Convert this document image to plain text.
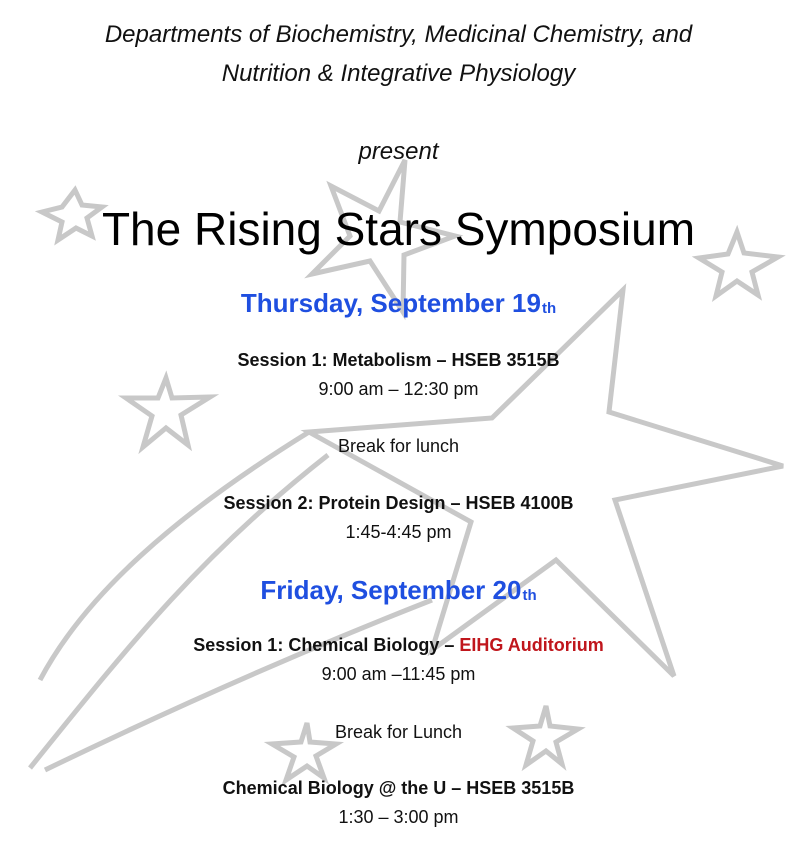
Departments of Biochemistry, Medicinal Chemistry, and
Nutrition & Integrative Physiology
present
The Rising Stars Symposium
Thursday, September 19th
Session 1: Metabolism – HSEB 3515B
9:00 am – 12:30 pm
Break for lunch
Session 2: Protein Design – HSEB 4100B
1:45-4:45 pm
Friday, September 20th
Session 1: Chemical Biology – EIHG Auditorium
9:00 am –11:45 pm
Break for Lunch
Chemical Biology @ the U – HSEB 3515B
1:30 – 3:00 pm
